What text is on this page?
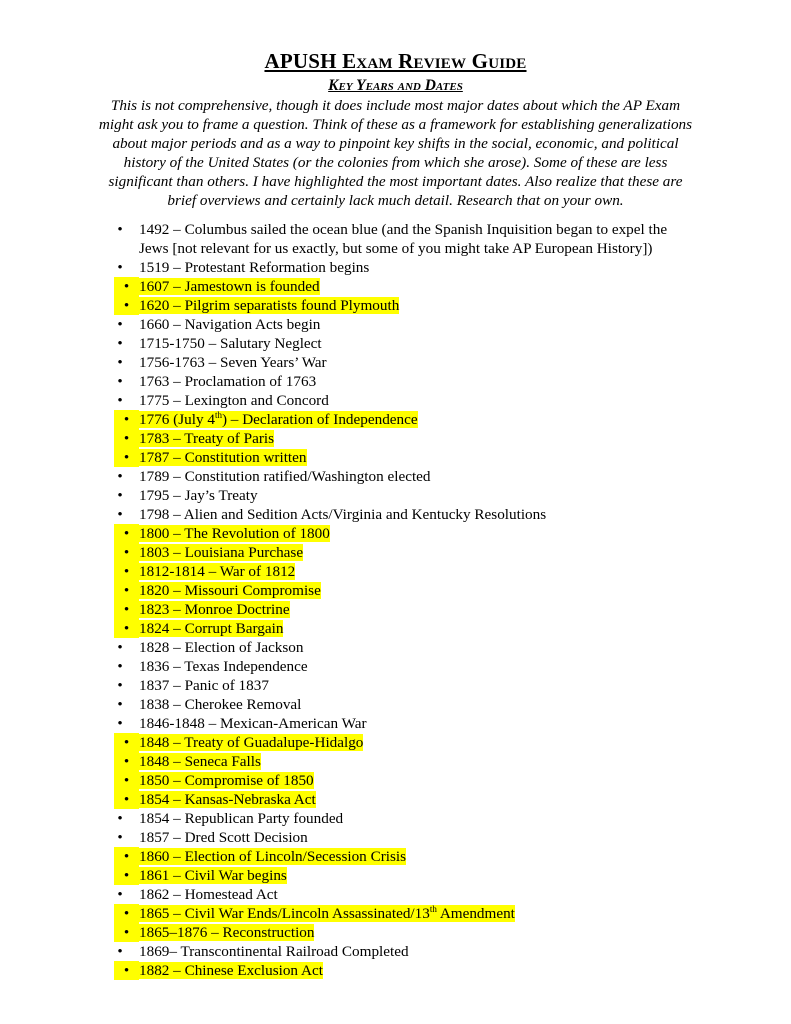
APUSH Exam Review Guide
Key Years and Dates
This is not comprehensive, though it does include most major dates about which the AP Exam might ask you to frame a question. Think of these as a framework for establishing generalizations about major periods and as a way to pinpoint key shifts in the social, economic, and political history of the United States (or the colonies from which she arose). Some of these are less significant than others. I have highlighted the most important dates. Also realize that these are brief overviews and certainly lack much detail. Research that on your own.
• 1492 – Columbus sailed the ocean blue (and the Spanish Inquisition began to expel the Jews [not relevant for us exactly, but some of you might take AP European History])
• 1519 – Protestant Reformation begins
• 1607 – Jamestown is founded
• 1620 – Pilgrim separatists found Plymouth
• 1660 – Navigation Acts begin
• 1715-1750 – Salutary Neglect
• 1756-1763 – Seven Years’ War
• 1763 – Proclamation of 1763
• 1775 – Lexington and Concord
• 1776 (July 4th) – Declaration of Independence
• 1783 – Treaty of Paris
• 1787 – Constitution written
• 1789 – Constitution ratified/Washington elected
• 1795 – Jay’s Treaty
• 1798 – Alien and Sedition Acts/Virginia and Kentucky Resolutions
• 1800 – The Revolution of 1800
• 1803 – Louisiana Purchase
• 1812-1814 – War of 1812
• 1820 – Missouri Compromise
• 1823 – Monroe Doctrine
• 1824 – Corrupt Bargain
• 1828 – Election of Jackson
• 1836 – Texas Independence
• 1837 – Panic of 1837
• 1838 – Cherokee Removal
• 1846-1848 – Mexican-American War
• 1848 – Treaty of Guadalupe-Hidalgo
• 1848 – Seneca Falls
• 1850 – Compromise of 1850
• 1854 – Kansas-Nebraska Act
• 1854 – Republican Party founded
• 1857 – Dred Scott Decision
• 1860 – Election of Lincoln/Secession Crisis
• 1861 – Civil War begins
• 1862 – Homestead Act
• 1865 – Civil War Ends/Lincoln Assassinated/13th Amendment
• 1865–1876 – Reconstruction
• 1869– Transcontinental Railroad Completed
• 1882 – Chinese Exclusion Act
